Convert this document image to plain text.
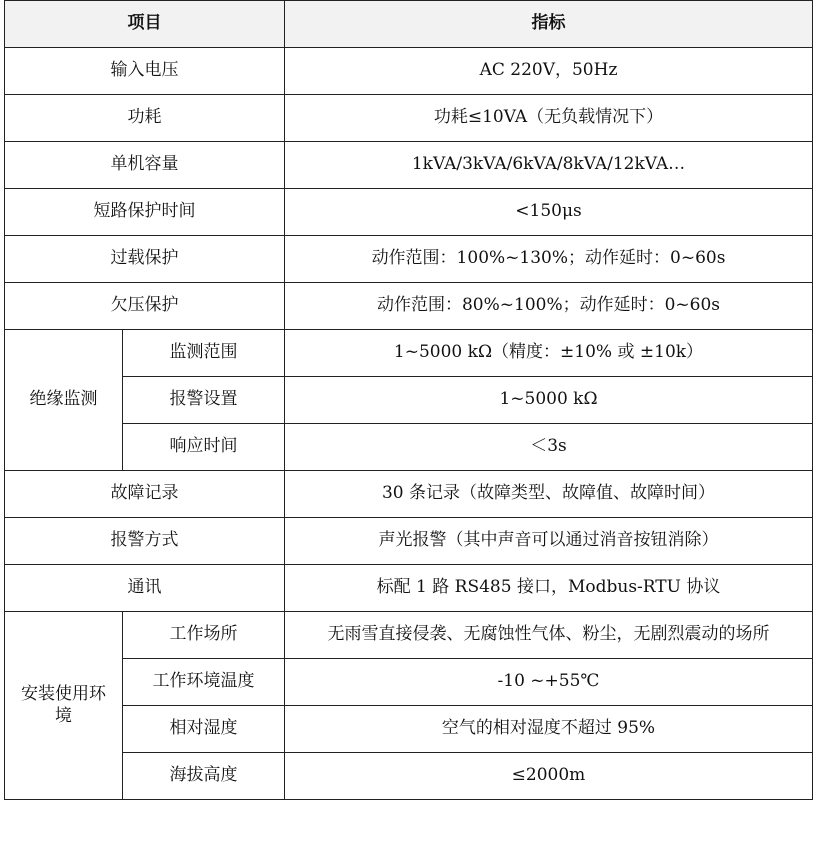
项目		指标
输入电压		AC 220V，50Hz
功耗		功耗≤10VA（无负载情况下）
单机容量		1kVA/3kVA/6kVA/8kVA/12kVA…
短路保护时间		<150μs
过载保护		动作范围：100%~130%；动作延时：0~60s
欠压保护		动作范围：80%~100%；动作延时：0~60s
绝缘监测	监测范围	1~5000 kΩ（精度：±10% 或 ±10k）
	报警设置	1~5000 kΩ
	响应时间	＜3s
故障记录		30 条记录（故障类型、故障值、故障时间）
报警方式		声光报警（其中声音可以通过消音按钮消除）
通讯		标配 1 路 RS485 接口，Modbus-RTU 协议
安装使用环境	工作场所	无雨雪直接侵袭、无腐蚀性气体、粉尘，无剧烈震动的场所
	工作环境温度	-10 ~+55℃
	相对湿度	空气的相对湿度不超过 95%
	海拔高度	≤2000m
